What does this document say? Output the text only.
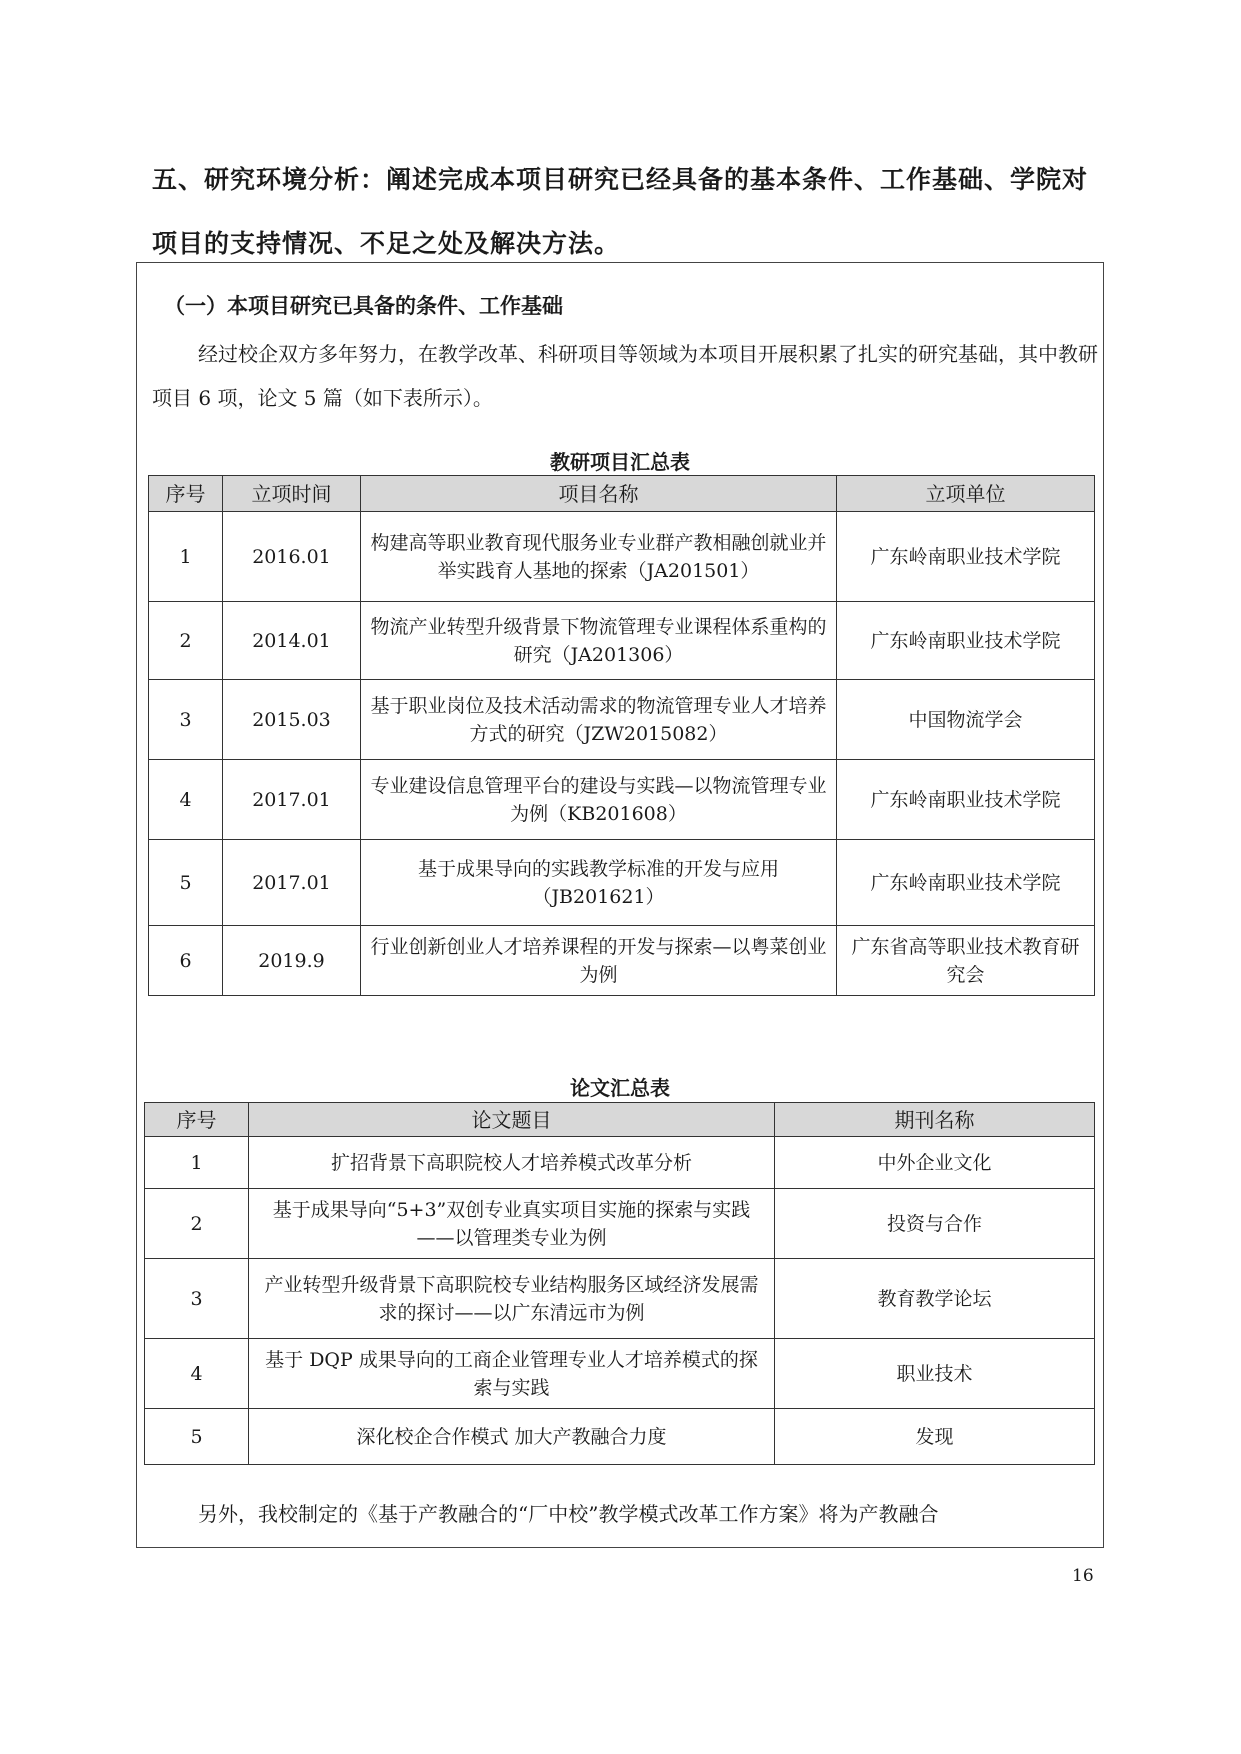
五、研究环境分析：阐述完成本项目研究已经具备的基本条件、工作基础、学院对项目的支持情况、不足之处及解决方法。

（一）本项目研究已具备的条件、工作基础

经过校企双方多年努力，在教学改革、科研项目等领域为本项目开展积累了扎实的研究基础，其中教研项目 6 项，论文 5 篇（如下表所示）。

教研项目汇总表

序号	立项时间	项目名称	立项单位
1	2016.01	构建高等职业教育现代服务业专业群产教相融创就业并举实践育人基地的探索（JA201501）	广东岭南职业技术学院
2	2014.01	物流产业转型升级背景下物流管理专业课程体系重构的研究（JA201306）	广东岭南职业技术学院
3	2015.03	基于职业岗位及技术活动需求的物流管理专业人才培养方式的研究（JZW2015082）	中国物流学会
4	2017.01	专业建设信息管理平台的建设与实践—以物流管理专业为例（KB201608）	广东岭南职业技术学院
5	2017.01	基于成果导向的实践教学标准的开发与应用（JB201621）	广东岭南职业技术学院
6	2019.9	行业创新创业人才培养课程的开发与探索—以粤菜创业为例	广东省高等职业技术教育研究会

论文汇总表

序号	论文题目	期刊名称
1	扩招背景下高职院校人才培养模式改革分析	中外企业文化
2	基于成果导向“5+3”双创专业真实项目实施的探索与实践——以管理类专业为例	投资与合作
3	产业转型升级背景下高职院校专业结构服务区域经济发展需求的探讨——以广东清远市为例	教育教学论坛
4	基于 DQP 成果导向的工商企业管理专业人才培养模式的探索与实践	职业技术
5	深化校企合作模式 加大产教融合力度	发现

另外，我校制定的《基于产教融合的“厂中校”教学模式改革工作方案》将为产教融合

16
